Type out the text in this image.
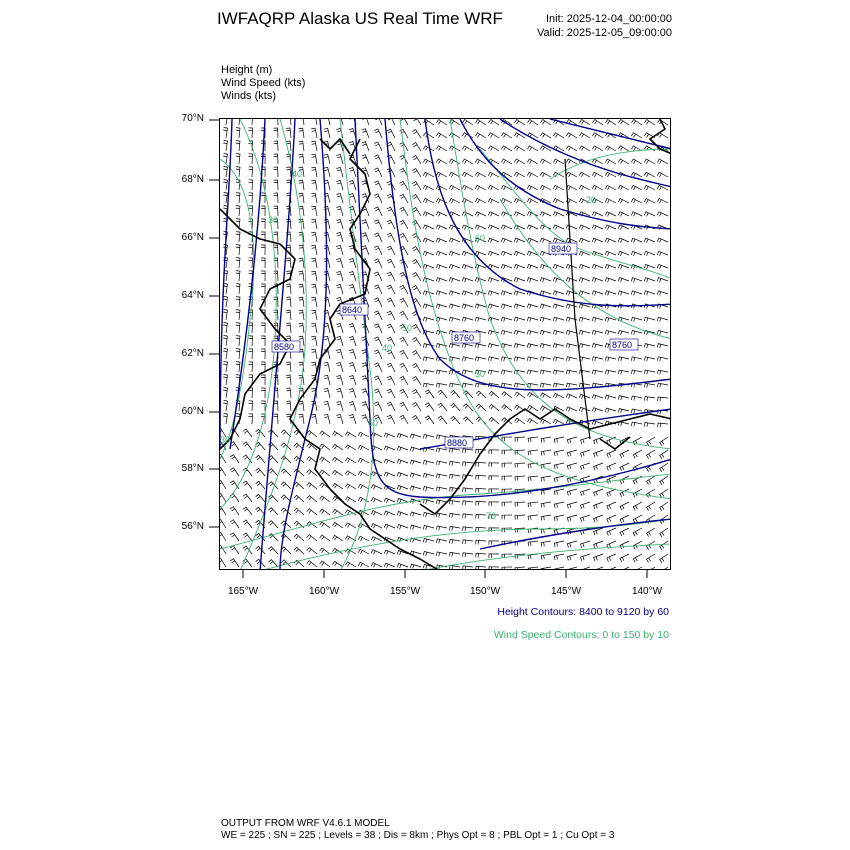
IWFAQRP Alaska US Real Time WRF	Init: 2025-12-04_00:00:00
Valid: 2025-12-05_09:00:00
Height (m)
Wind Speed (kts)
Winds (kts)
70°N
68°N
66°N
64°N
62°N
60°N
58°N
56°N
165°W	160°W	155°W	150°W	145°W	140°W
8580
8640
8760
8760
8880
8940
30
40
50
40
60
50
30
60
70
20
Height Contours: 8400 to 9120 by 60
Wind Speed Contours: 0 to 150 by 10
OUTPUT FROM WRF V4.6.1 MODEL
WE = 225 ; SN = 225 ; Levels = 38 ; Dis = 8km ; Phys Opt = 8 ; PBL Opt = 1 ; Cu Opt = 3
